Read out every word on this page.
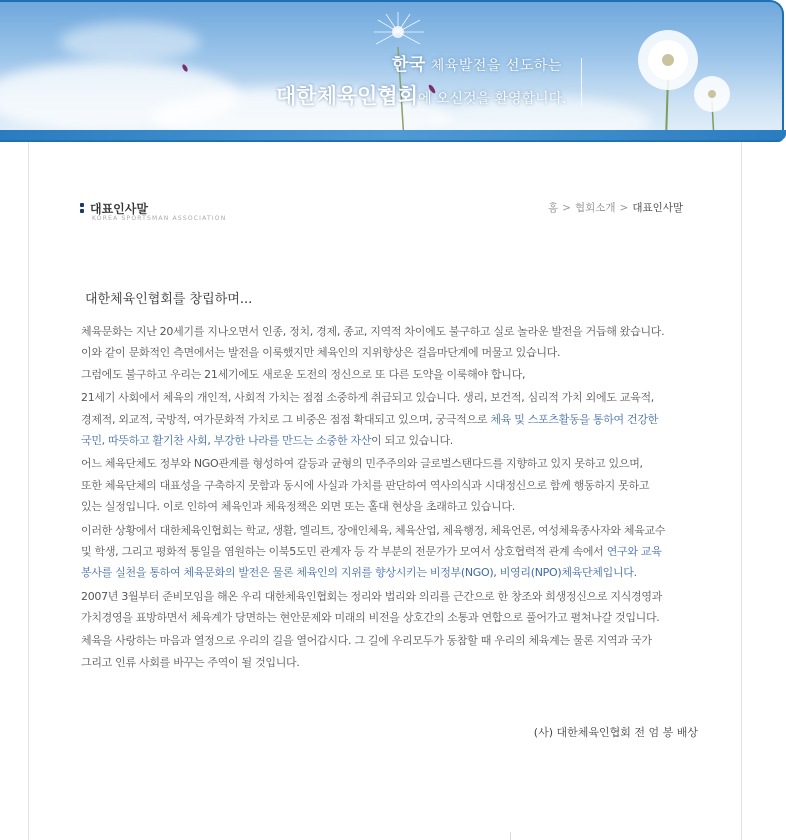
한국 체육발전을 선도하는
대한체육인협회에 오신것을 환영합니다.
대표인사말
KOREA SPORTSMAN ASSOCIATION
홈 > 협회소개 > 대표인사말
대한체육인협회를 창립하며...
체육문화는 지난 20세기를 지나오면서 인종, 정치, 경제, 종교, 지역적 차이에도 불구하고 실로 놀라운 발전을 거듭해 왔습니다.
이와 같이 문화적인 측면에서는 발전을 이룩했지만 체육인의 지위향상은 걸음마단계에 머물고 있습니다.
그럼에도 불구하고 우리는 21세기에도 새로운 도전의 정신으로 또 다른 도약을 이룩해야 합니다,
21세기 사회에서 체육의 개인적, 사회적 가치는 점점 소중하게 취급되고 있습니다. 생리, 보건적, 심리적 가치 외에도 교육적,
경제적, 외교적, 국방적, 여가문화적 가치로 그 비중은 점점 확대되고 있으며, 궁극적으로 체육 및 스포츠활동을 통하여 건강한
국민, 따뜻하고 활기찬 사회, 부강한 나라를 만드는 소중한 자산이 되고 있습니다.
어느 체육단체도 정부와 NGO관계를 형성하여 갈등과 균형의 민주주의와 글로벌스탠다드를 지향하고 있지 못하고 있으며,
또한 체육단체의 대표성을 구축하지 못함과 동시에 사실과 가치를 판단하여 역사의식과 시대정신으로 함께 행동하지 못하고
있는 실정입니다. 이로 인하여 체육인과 체육정책은 외면 또는 홀대 현상을 초래하고 있습니다.
이러한 상황에서 대한체육인협회는 학교, 생활, 엘리트, 장애인체육, 체육산업, 체육행정, 체육언론, 여성체육종사자와 체육교수
및 학생, 그리고 평화적 통일을 염원하는 이북5도민 관계자 등 각 부분의 전문가가 모여서 상호협력적 관계 속에서 연구와 교육
봉사를 실천을 통하여 체육문화의 발전은 물론 체육인의 지위를 향상시키는 비정부(NGO), 비영리(NPO)체육단체입니다.
2007년 3월부터 준비모임을 해온 우리 대한체육인협회는 정리와 법리와 의리를 근간으로 한 창조와 희생정신으로 지식경영과
가치경영을 표방하면서 체육계가 당면하는 현안문제와 미래의 비전을 상호간의 소통과 연합으로 풀어가고 펼쳐나갈 것입니다.
체육을 사랑하는 마음과 열정으로 우리의 길을 열어갑시다. 그 길에 우리모두가 동참할 때 우리의 체육계는 물론 지역과 국가
그리고 인류 사회를 바꾸는 주역이 될 것입니다.
(사) 대한체육인협회 전 엄 봉 배상
